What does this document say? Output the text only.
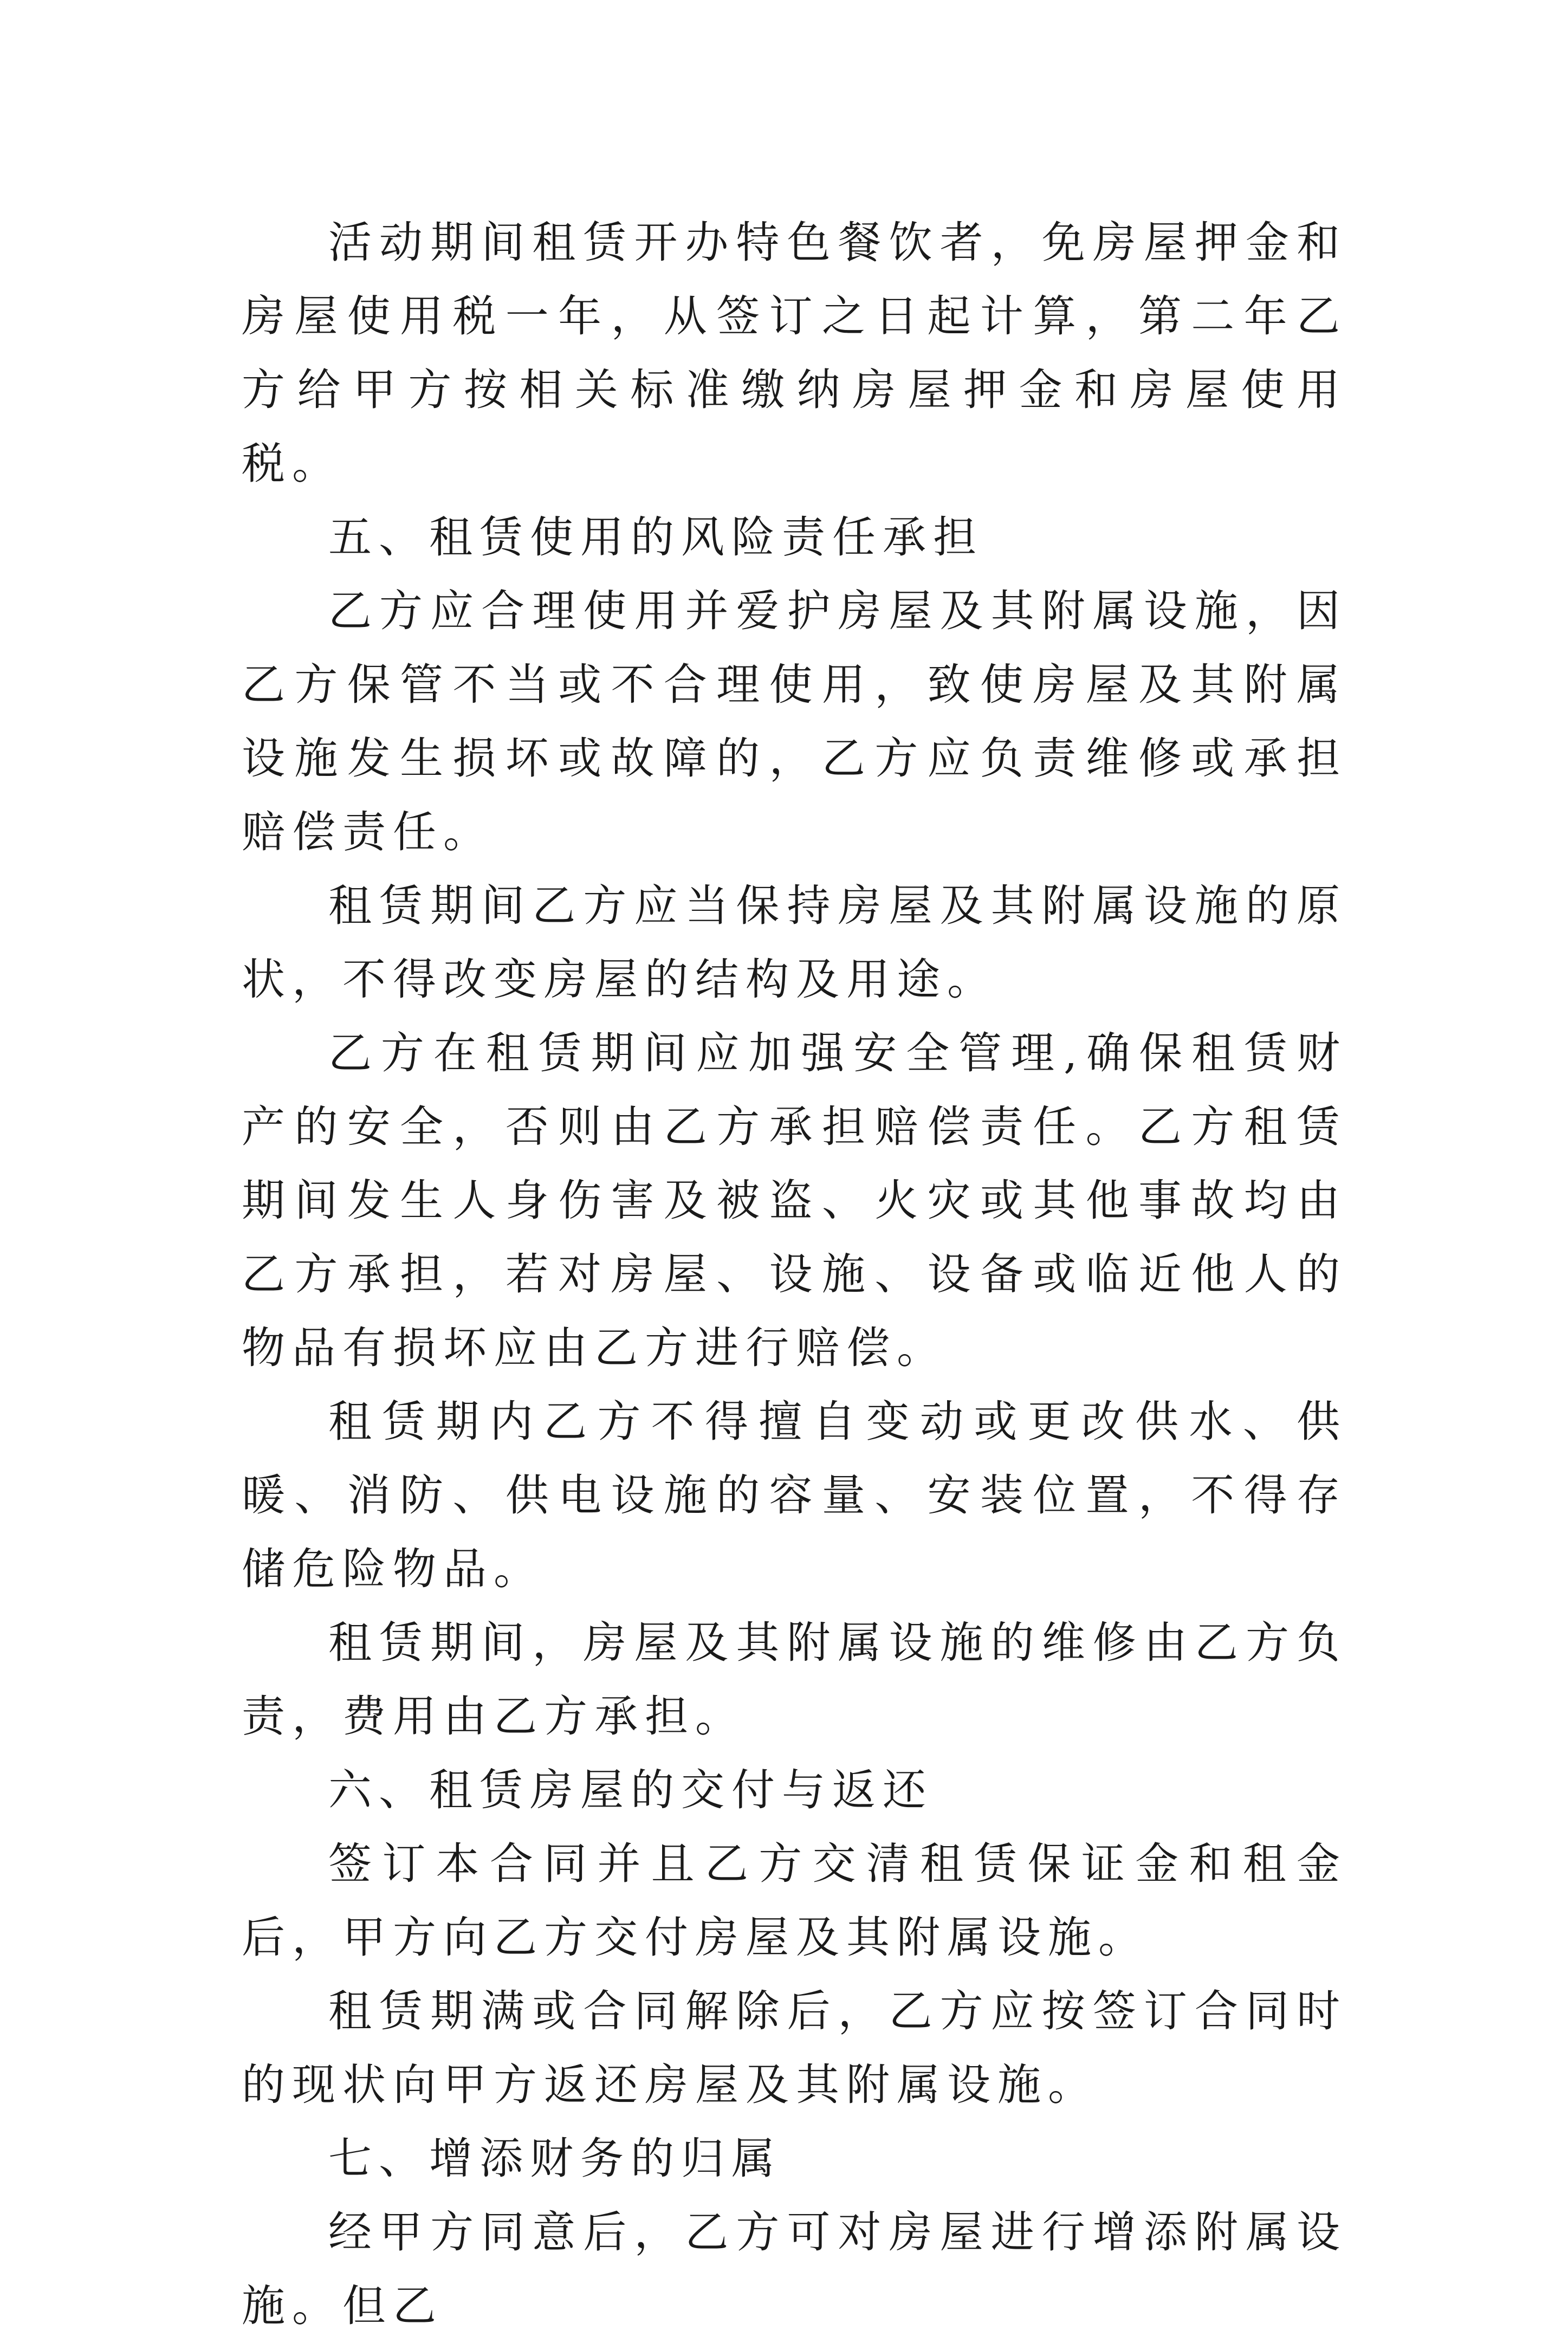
活动期间租赁开办特色餐饮者，免房屋押金和房屋使用税一年，从签订之日起计算，第二年乙方给甲方按相关标准缴纳房屋押金和房屋使用税。

五、租赁使用的风险责任承担

乙方应合理使用并爱护房屋及其附属设施，因乙方保管不当或不合理使用，致使房屋及其附属设施发生损坏或故障的，乙方应负责维修或承担赔偿责任。

租赁期间乙方应当保持房屋及其附属设施的原状，不得改变房屋的结构及用途。

乙方在租赁期间应加强安全管理,确保租赁财产的安全，否则由乙方承担赔偿责任。乙方租赁期间发生人身伤害及被盗、火灾或其他事故均由乙方承担，若对房屋、设施、设备或临近他人的物品有损坏应由乙方进行赔偿。

租赁期内乙方不得擅自变动或更改供水、供暖、消防、供电设施的容量、安装位置，不得存储危险物品。

租赁期间，房屋及其附属设施的维修由乙方负责，费用由乙方承担。

六、租赁房屋的交付与返还

签订本合同并且乙方交清租赁保证金和租金后，甲方向乙方交付房屋及其附属设施。

租赁期满或合同解除后，乙方应按签订合同时的现状向甲方返还房屋及其附属设施。

七、增添财务的归属

经甲方同意后，乙方可对房屋进行增添附属设施。但乙
